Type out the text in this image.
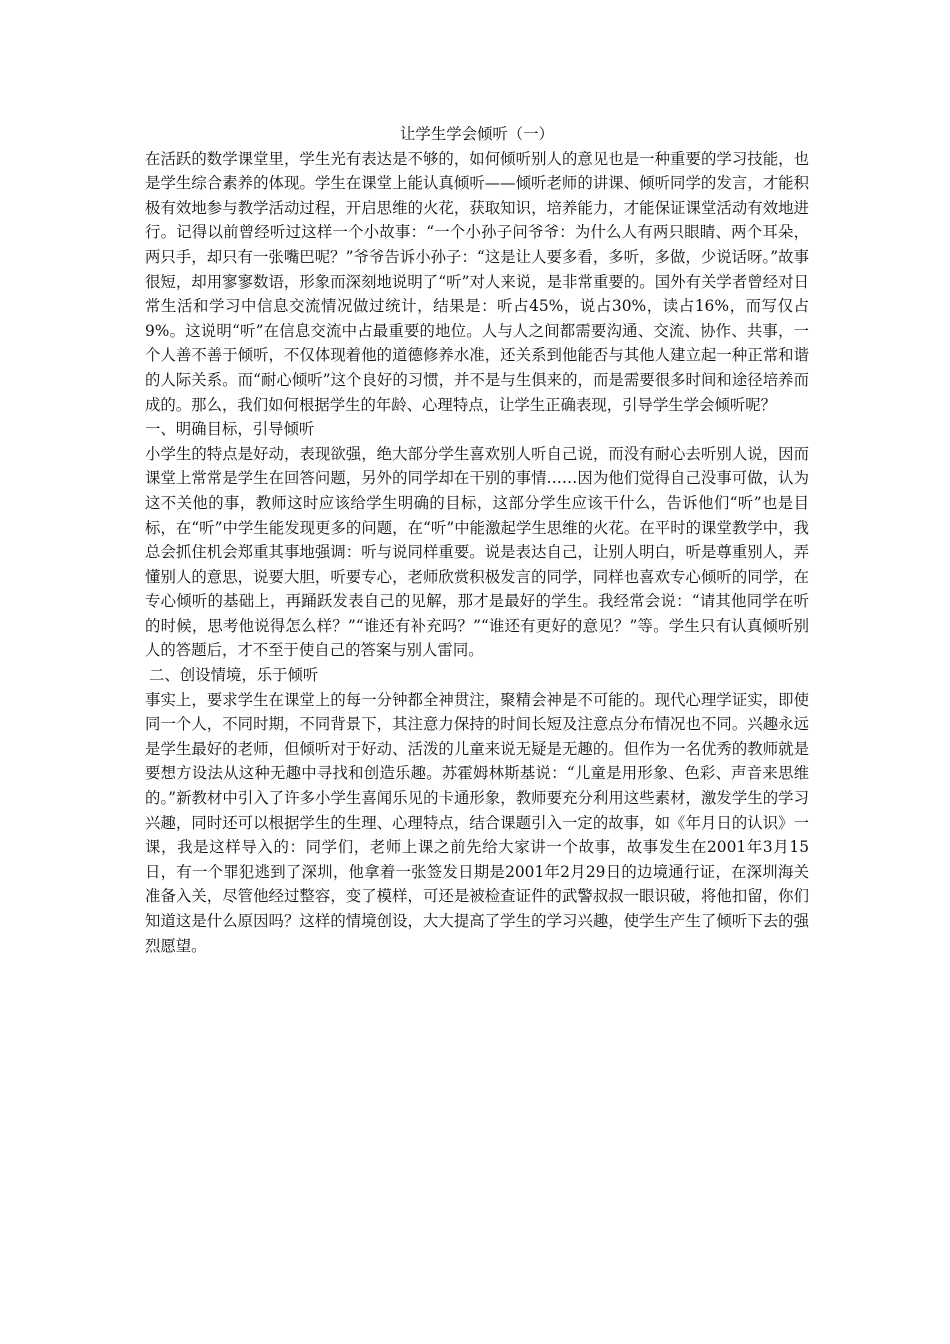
让学生学会倾听（一）

在活跃的数学课堂里，学生光有表达是不够的，如何倾听别人的意见也是一种重要的学习技能，也是学生综合素养的体现。学生在课堂上能认真倾听——倾听老师的讲课、倾听同学的发言，才能积极有效地参与教学活动过程，开启思维的火花，获取知识，培养能力，才能保证课堂活动有效地进行。记得以前曾经听过这样一个小故事：“一个小孙子问爷爷：为什么人有两只眼睛、两个耳朵，两只手，却只有一张嘴巴呢？”爷爷告诉小孙子：“这是让人要多看，多听，多做，少说话呀。”故事很短，却用寥寥数语，形象而深刻地说明了“听”对人来说，是非常重要的。国外有关学者曾经对日常生活和学习中信息交流情况做过统计，结果是：听占45%，说占30%，读占16%，而写仅占9%。这说明“听”在信息交流中占最重要的地位。人与人之间都需要沟通、交流、协作、共事，一个人善不善于倾听，不仅体现着他的道德修养水准，还关系到他能否与其他人建立起一种正常和谐的人际关系。而“耐心倾听”这个良好的习惯，并不是与生俱来的，而是需要很多时间和途径培养而成的。那么，我们如何根据学生的年龄、心理特点，让学生正确表现，引导学生学会倾听呢？

一、明确目标，引导倾听

小学生的特点是好动，表现欲强，绝大部分学生喜欢别人听自己说，而没有耐心去听别人说，因而课堂上常常是学生在回答问题，另外的同学却在干别的事情……因为他们觉得自己没事可做，认为这不关他的事，教师这时应该给学生明确的目标，这部分学生应该干什么，告诉他们“听”也是目标，在“听”中学生能发现更多的问题，在“听”中能激起学生思维的火花。在平时的课堂教学中，我总会抓住机会郑重其事地强调：听与说同样重要。说是表达自己，让别人明白，听是尊重别人，弄懂别人的意思，说要大胆，听要专心，老师欣赏积极发言的同学，同样也喜欢专心倾听的同学，在专心倾听的基础上，再踊跃发表自己的见解，那才是最好的学生。我经常会说：“请其他同学在听的时候，思考他说得怎么样？”“谁还有补充吗？”“谁还有更好的意见？”等。学生只有认真倾听别人的答题后，才不至于使自己的答案与别人雷同。

二、创设情境，乐于倾听

事实上，要求学生在课堂上的每一分钟都全神贯注，聚精会神是不可能的。现代心理学证实，即使同一个人，不同时期，不同背景下，其注意力保持的时间长短及注意点分布情况也不同。兴趣永远是学生最好的老师，但倾听对于好动、活泼的儿童来说无疑是无趣的。但作为一名优秀的教师就是要想方设法从这种无趣中寻找和创造乐趣。苏霍姆林斯基说：“儿童是用形象、色彩、声音来思维的。”新教材中引入了许多小学生喜闻乐见的卡通形象，教师要充分利用这些素材，激发学生的学习兴趣，同时还可以根据学生的生理、心理特点，结合课题引入一定的故事，如《年月日的认识》一课，我是这样导入的：同学们，老师上课之前先给大家讲一个故事，故事发生在2001年3月15日，有一个罪犯逃到了深圳，他拿着一张签发日期是2001年2月29日的边境通行证，在深圳海关准备入关，尽管他经过整容，变了模样，可还是被检查证件的武警叔叔一眼识破，将他扣留，你们知道这是什么原因吗？这样的情境创设，大大提高了学生的学习兴趣，使学生产生了倾听下去的强烈愿望。
